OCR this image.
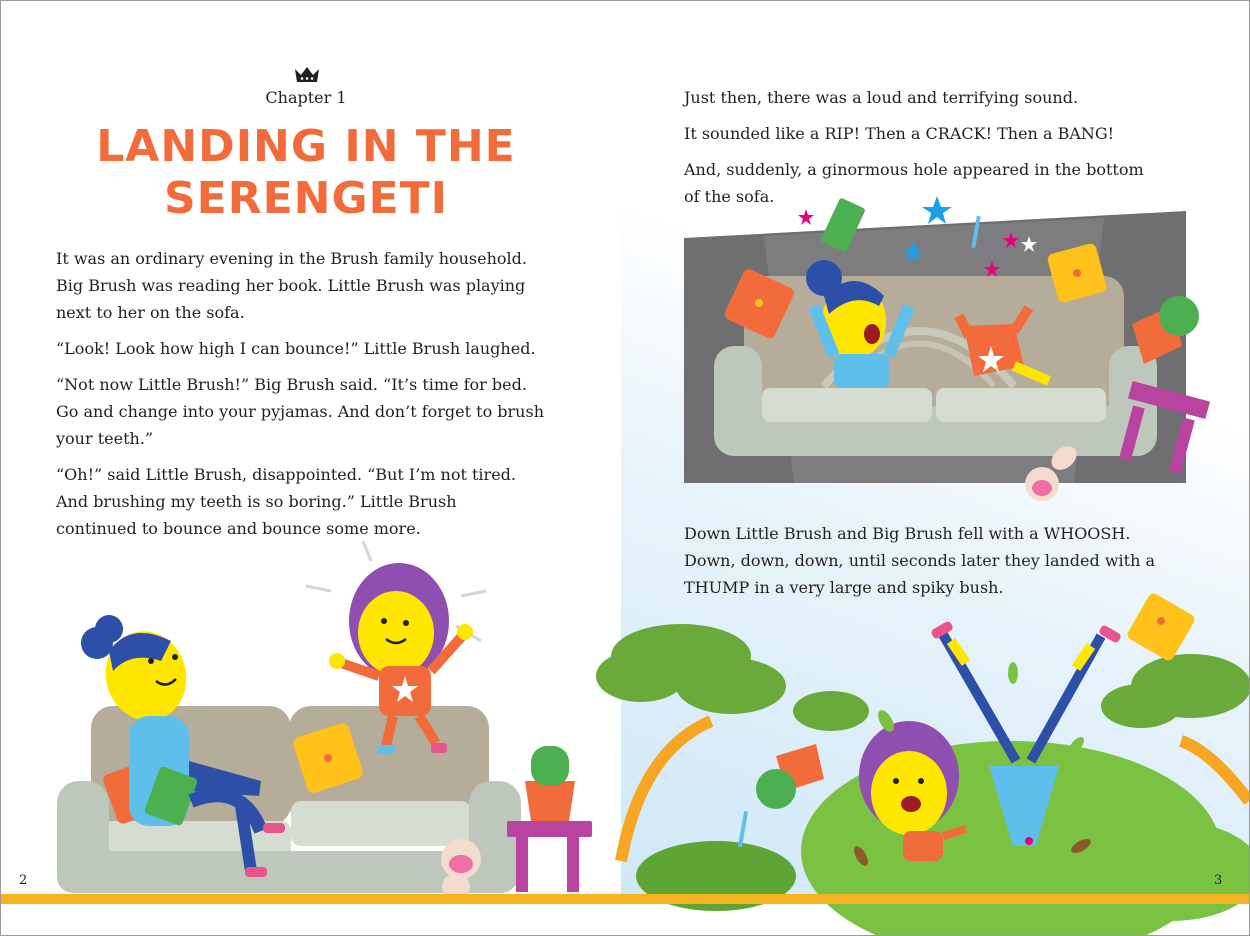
Chapter 1
LANDING IN THE
SERENGETI

It was an ordinary evening in the Brush family household. Big Brush was reading her book. Little Brush was playing next to her on the sofa.

“Look! Look how high I can bounce!” Little Brush laughed.

“Not now Little Brush!” Big Brush said. “It’s time for bed. Go and change into your pyjamas. And don’t forget to brush your teeth.”

“Oh!” said Little Brush, disappointed. “But I’m not tired. And brushing my teeth is so boring.” Little Brush continued to bounce and bounce some more.

2

Just then, there was a loud and terrifying sound.

It sounded like a RIP! Then a CRACK! Then a BANG!

And, suddenly, a ginormous hole appeared in the bottom of the sofa.

Down Little Brush and Big Brush fell with a WHOOSH. Down, down, down, until seconds later they landed with a THUMP in a very large and spiky bush.

3
